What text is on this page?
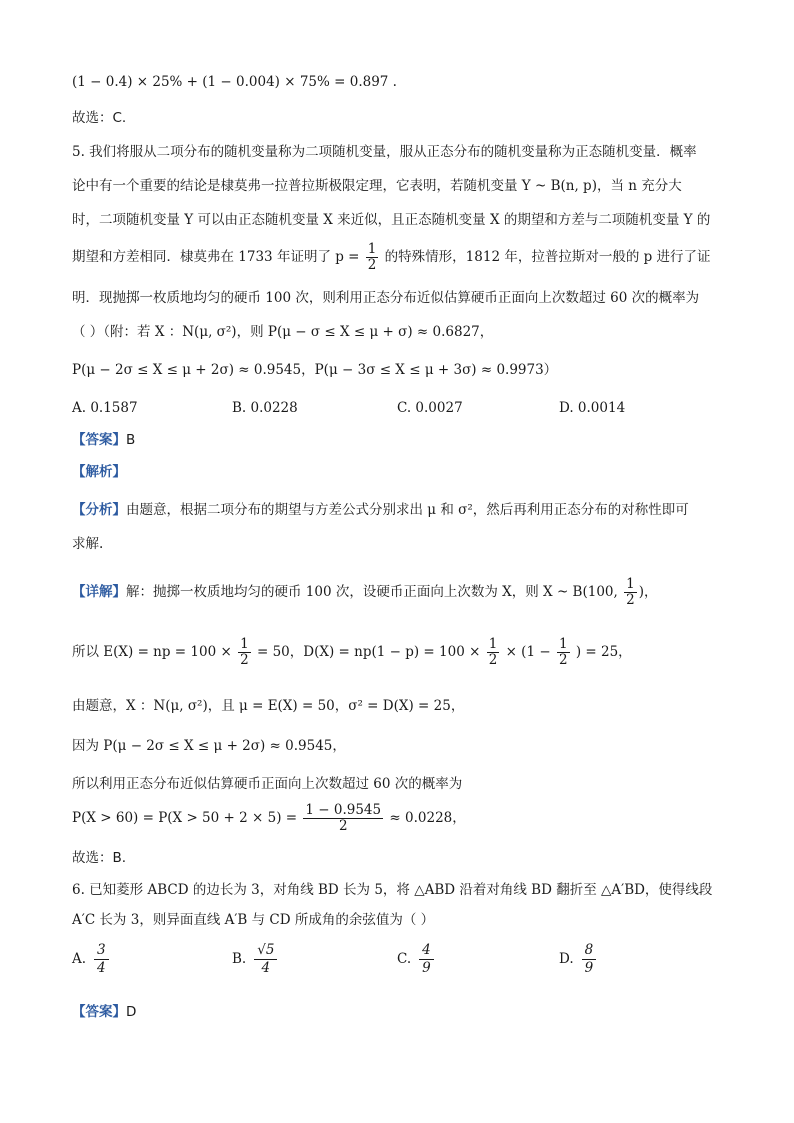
(1 − 0.4) × 25% + (1 − 0.004) × 75% = 0.897 .
故选：C.
5. 我们将服从二项分布的随机变量称为二项随机变量，服从正态分布的随机变量称为正态随机变量．概率
论中有一个重要的结论是棣莫弗一拉普拉斯极限定理，它表明，若随机变量 Y ~ B(n, p)，当 n 充分大
时，二项随机变量 Y 可以由正态随机变量 X 来近似，且正态随机变量 X 的期望和方差与二项随机变量 Y 的
期望和方差相同．棣莫弗在 1733 年证明了 $p = \frac{1}{2}$ 的特殊情形，1812 年，拉普拉斯对一般的 p 进行了证
明．现抛掷一枚质地均匀的硬币 100 次，则利用正态分布近似估算硬币正面向上次数超过 60 次的概率为
（ ）（附：若 X ：N(μ, σ²)，则 P(μ − σ ≤ X ≤ μ + σ) ≈ 0.6827，
P(μ − 2σ ≤ X ≤ μ + 2σ) ≈ 0.9545，P(μ − 3σ ≤ X ≤ μ + 3σ) ≈ 0.9973）
A. 0.1587	B. 0.0228	C. 0.0027	D. 0.0014
【答案】B
【解析】
【分析】由题意，根据二项分布的期望与方差公式分别求出 μ 和 σ²，然后再利用正态分布的对称性即可
求解.
【详解】解：抛掷一枚质地均匀的硬币 100 次，设硬币正面向上次数为 X，则 X ~ B(100, $\frac{1}{2}$ )，
所以 E(X) = np = $100 \times \frac{1}{2} = 50$，$D(X) = np(1 - p) = 100 \times \frac{1}{2} \times (1 - \frac{1}{2}$ ) = 25，
由题意，X ：N(μ, σ²)，且 μ = E(X) = 50，σ² = D(X) = 25，
因为 P(μ − 2σ ≤ X ≤ μ + 2σ) ≈ 0.9545，
所以利用正态分布近似估算硬币正面向上次数超过 60 次的概率为
$P(X > 60) = P(X > 50 + 2 \times 5) = \frac{1 - 0.9545}{2} \approx 0.0228$，
故选：B.
6. 已知菱形 ABCD 的边长为 3，对角线 BD 长为 5，将 △ABD 沿着对角线 BD 翻折至 △A′BD，使得线段
A′C 长为 3，则异面直线 A′B 与 CD 所成角的余弦值为（ ）
A. $\frac{3}{4}$	B. $\frac{√5}{4}$	C. $\frac{4}{9}$	D. $\frac{8}{9}$
【答案】D
